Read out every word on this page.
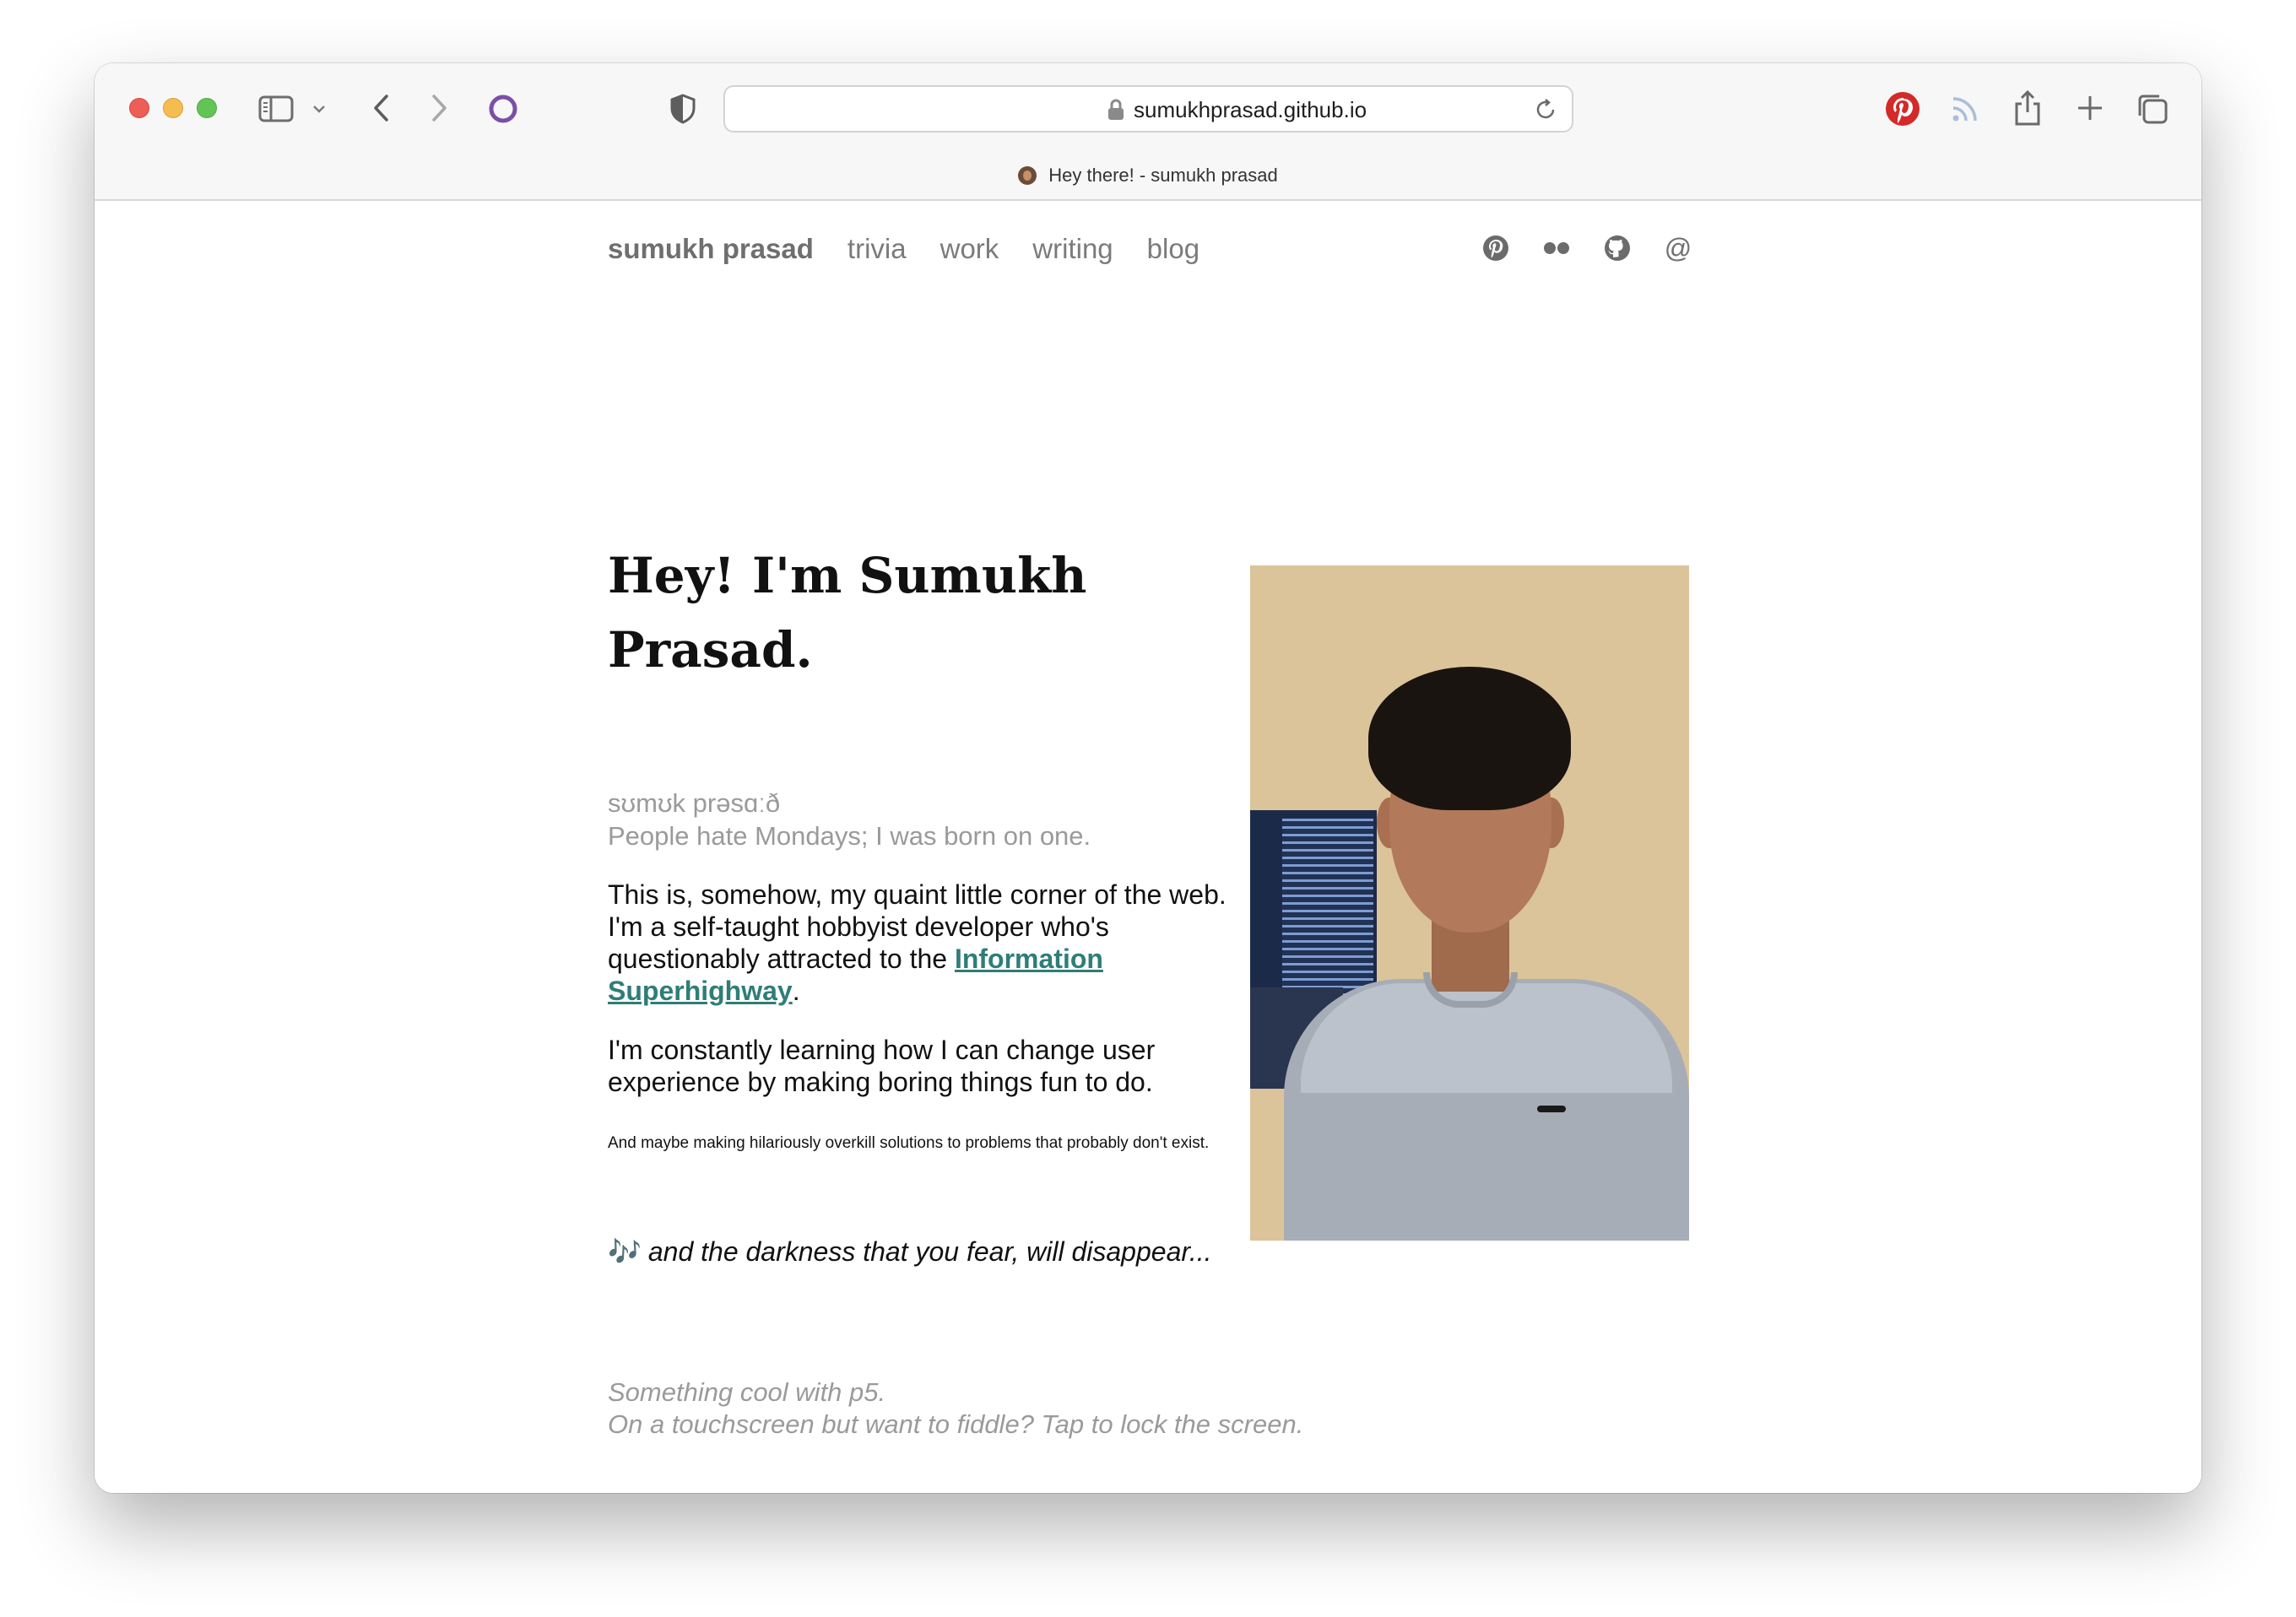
sumukhprasad.github.io
Hey there! - sumukh prasad
sumukh prasad trivia work writing blog	@
Hey! I'm Sumukh Prasad.
sʊmʊk prəsɑːð
People hate Mondays; I was born on one.

This is, somehow, my quaint little corner of the web. I'm a self-taught hobbyist developer who's questionably attracted to the Information Superhighway.

I'm constantly learning how I can change user experience by making boring things fun to do.

And maybe making hilariously overkill solutions to problems that probably don't exist.

🎶 and the darkness that you fear, will disappear...

Something cool with p5.
On a touchscreen but want to fiddle? Tap to lock the screen.
